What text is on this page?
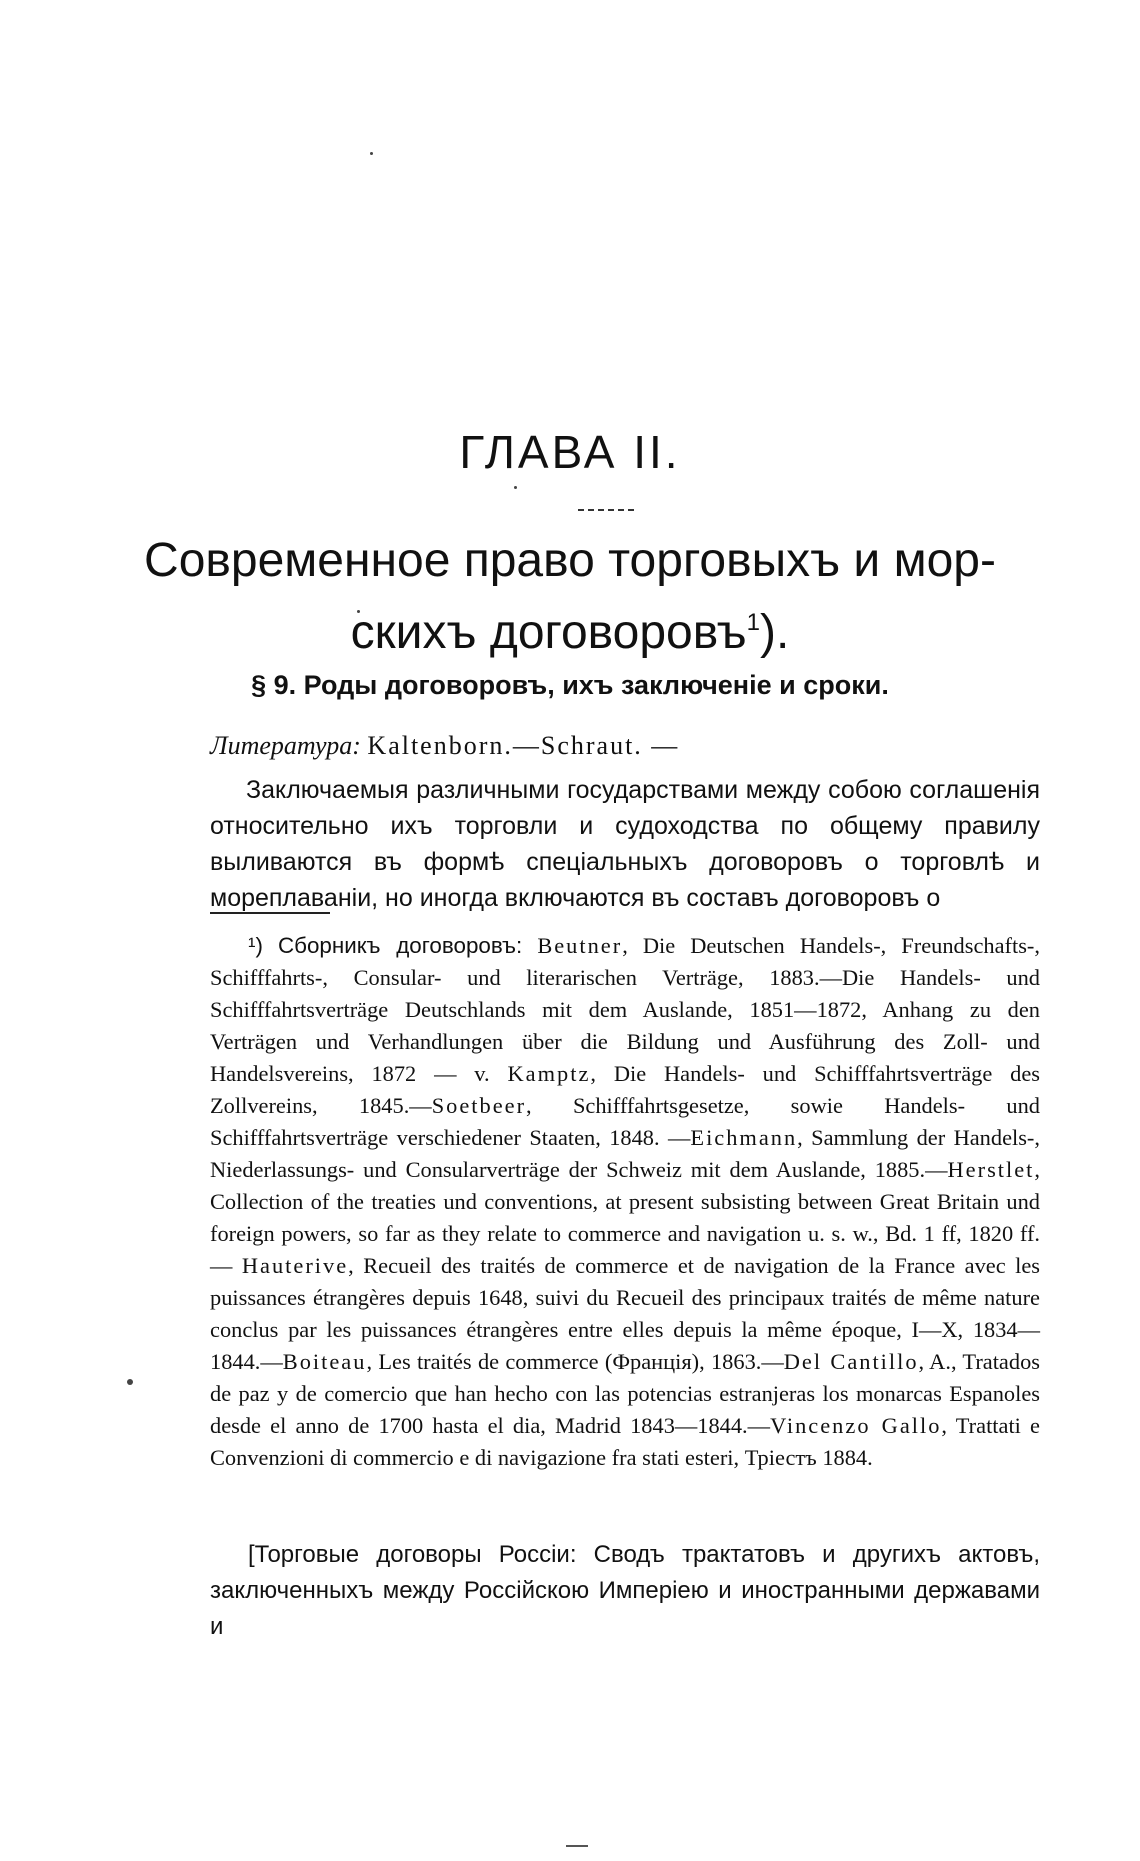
ГЛАВА II.
Современное право торговыхъ и мор-
скихъ договоровъ$^1$).
§ 9. Роды договоровъ, ихъ заключенiе и сроки.
Литература: Kaltenborn.—Schraut. —

Заключаемыя различными государствами между собою соглашенiя относительно ихъ торговли и судоходства по общему правилу выливаются въ формѣ спецiальныхъ договоровъ о торговлѣ и мореплаванiи, но иногда включаются въ составъ договоровъ о

¹) Сборникъ договоровъ: Beutner, Die Deutschen Handels-, Freundschafts-, Schifffahrts-, Consular- und literarischen Verträge, 1883.—Die Handels- und Schifffahrtsverträge Deutschlands mit dem Auslande, 1851—1872, Anhang zu den Verträgen und Verhandlungen über die Bildung und Ausführung des Zoll- und Handelsvereins, 1872 — v. Kamptz, Die Handels- und Schifffahrtsverträge des Zollvereins, 1845.—Soetbeer, Schifffahrtsgesetze, sowie Handels- und Schifffahrtsverträge verschiedener Staaten, 1848. —Eichmann, Sammlung der Handels-, Niederlassungs- und Consularverträge der Schweiz mit dem Auslande, 1885.—Herstlet, Collection of the treaties und conventions, at present subsisting between Great Britain und foreign powers, so far as they relate to commerce and navigation u. s. w., Bd. 1 ff, 1820 ff.— Hauterive, Recueil des traités de commerce et de navigation de la France avec les puissances étrangères depuis 1648, suivi du Recueil des principaux traités de même nature conclus par les puissances étrangères entre elles depuis la même époque, I—X, 1834—1844.—Boiteau, Les traités de commerce (Францiя), 1863.—Del Cantillo, A., Tratados de paz y de comercio que han hecho con las potencias estranjeras los monarcas Espanoles desde el anno de 1700 hasta el dia, Madrid 1843—1844.—Vincenzo Gallo, Trattati e Convenzioni di commercio e di navigazione fra stati esteri, Трiестъ 1884.

[Торговые договоры Россiи: Сводъ трактатовъ и другихъ актовъ, заключенныхъ между Россiйскою Имперiею и иностранными державами и
